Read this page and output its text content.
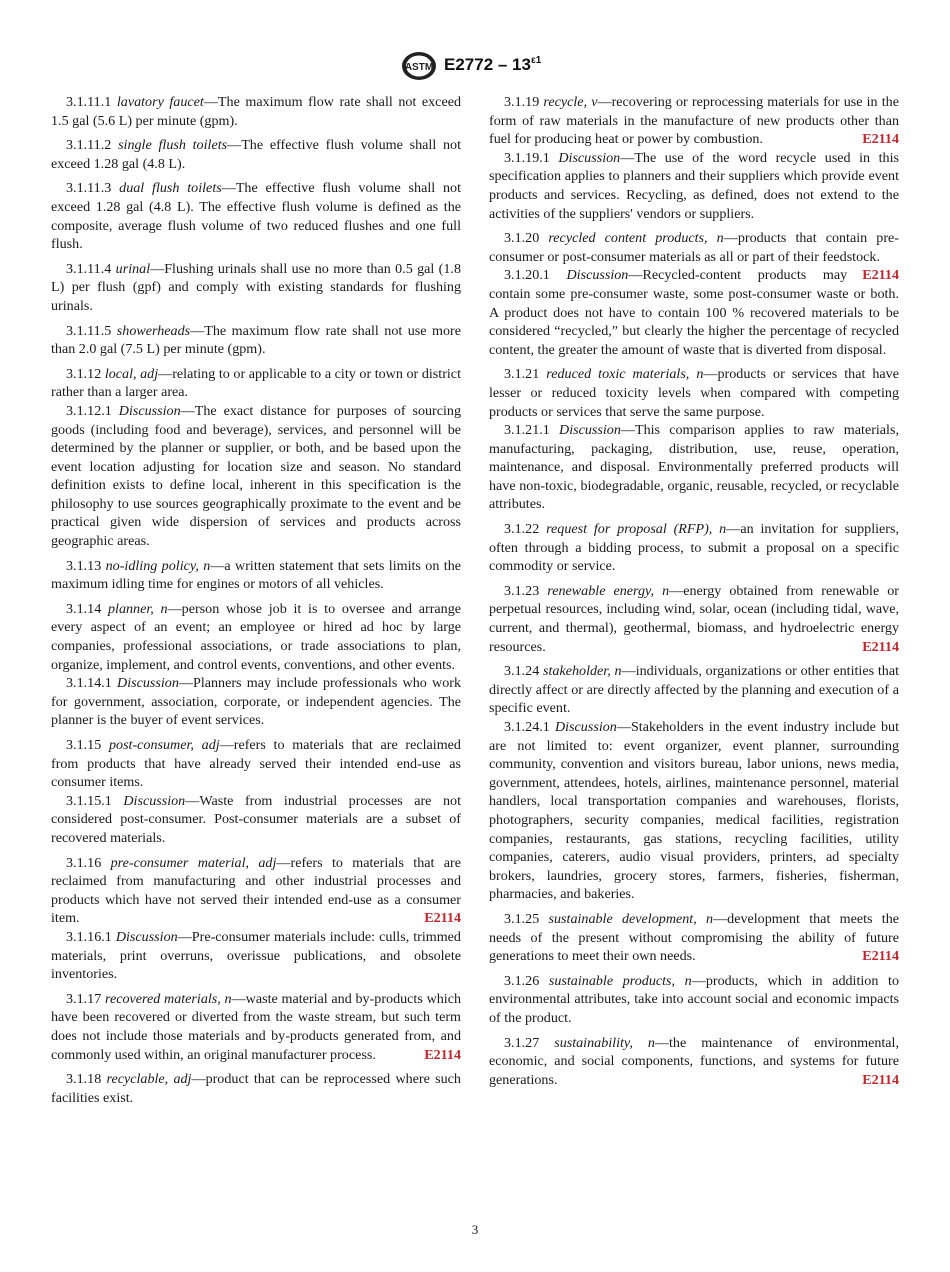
ASTM $E2772 - 13^{\varepsilon 1}$

3.1.11.1 lavatory faucet—The maximum flow rate shall not exceed 1.5 gal (5.6 L) per minute (gpm).

3.1.11.2 single flush toilets—The effective flush volume shall not exceed 1.28 gal (4.8 L).

3.1.11.3 dual flush toilets—The effective flush volume shall not exceed 1.28 gal (4.8 L). The effective flush volume is defined as the composite, average flush volume of two reduced flushes and one full flush.

3.1.11.4 urinal—Flushing urinals shall use no more than 0.5 gal (1.8 L) per flush (gpf) and comply with existing standards for flushing urinals.

3.1.11.5 showerheads—The maximum flow rate shall not use more than 2.0 gal (7.5 L) per minute (gpm).

3.1.12 local, adj—relating to or applicable to a city or town or district rather than a larger area.

3.1.12.1 Discussion—The exact distance for purposes of sourcing goods (including food and beverage), services, and personnel will be determined by the planner or supplier, or both, and be based upon the event location adjusting for location size and season. No standard definition exists to define local, inherent in this specification is the philosophy to use sources geographically proximate to the event and be practical given wide dispersion of services and products across geographic areas.

3.1.13 no-idling policy, n—a written statement that sets limits on the maximum idling time for engines or motors of all vehicles.

3.1.14 planner, n—person whose job it is to oversee and arrange every aspect of an event; an employee or hired ad hoc by large companies, professional associations, or trade associations to plan, organize, implement, and control events, conventions, and other events.

3.1.14.1 Discussion—Planners may include professionals who work for government, association, corporate, or independent agencies. The planner is the buyer of event services.

3.1.15 post-consumer, adj—refers to materials that are reclaimed from products that have already served their intended end-use as consumer items.

3.1.15.1 Discussion—Waste from industrial processes are not considered post-consumer. Post-consumer materials are a subset of recovered materials.

3.1.16 pre-consumer material, adj—refers to materials that are reclaimed from manufacturing and other industrial processes and products which have not served their intended end-use as a consumer item.	E2114

3.1.16.1 Discussion—Pre-consumer materials include: culls, trimmed materials, print overruns, overissue publications, and obsolete inventories.

3.1.17 recovered materials, n—waste material and by-products which have been recovered or diverted from the waste stream, but such term does not include those materials and by-products generated from, and commonly used within, an original manufacturer process.	E2114

3.1.18 recyclable, adj—product that can be reprocessed where such facilities exist.

3.1.19 recycle, v—recovering or reprocessing materials for use in the form of raw materials in the manufacture of new products other than fuel for producing heat or power by combustion.	E2114

3.1.19.1 Discussion—The use of the word recycle used in this specification applies to planners and their suppliers which provide event products and services. Recycling, as defined, does not extend to the activities of the suppliers' vendors or suppliers.

3.1.20 recycled content products, n—products that contain pre-consumer or post-consumer materials as all or part of their feedstock.
E2114

3.1.20.1 Discussion—Recycled-content products may contain some pre-consumer waste, some post-consumer waste or both. A product does not have to contain 100 % recovered materials to be considered “recycled,” but clearly the higher the percentage of recycled content, the greater the amount of waste that is diverted from disposal.

3.1.21 reduced toxic materials, n—products or services that have lesser or reduced toxicity levels when compared with competing products or services that serve the same purpose.

3.1.21.1 Discussion—This comparison applies to raw materials, manufacturing, packaging, distribution, use, reuse, operation, maintenance, and disposal. Environmentally preferred products will have non-toxic, biodegradable, organic, reusable, recycled, or recyclable attributes.

3.1.22 request for proposal (RFP), n—an invitation for suppliers, often through a bidding process, to submit a proposal on a specific commodity or service.

3.1.23 renewable energy, n—energy obtained from renewable or perpetual resources, including wind, solar, ocean (including tidal, wave, current, and thermal), geothermal, biomass, and hydroelectric energy resources.	E2114

3.1.24 stakeholder, n—individuals, organizations or other entities that directly affect or are directly affected by the planning and execution of a specific event.

3.1.24.1 Discussion—Stakeholders in the event industry include but are not limited to: event organizer, event planner, surrounding community, convention and visitors bureau, labor unions, news media, government, attendees, hotels, airlines, maintenance personnel, material handlers, local transportation companies and warehouses, florists, photographers, security companies, medical facilities, registration companies, restaurants, gas stations, recycling facilities, utility companies, caterers, audio visual providers, printers, ad specialty brokers, laundries, grocery stores, farmers, fisheries, fisherman, pharmacies, and bakeries.

3.1.25 sustainable development, n—development that meets the needs of the present without compromising the ability of future generations to meet their own needs.	E2114

3.1.26 sustainable products, n—products, which in addition to environmental attributes, take into account social and economic impacts of the product.

3.1.27 sustainability, n—the maintenance of environmental, economic, and social components, functions, and systems for future generations.	E2114

3
